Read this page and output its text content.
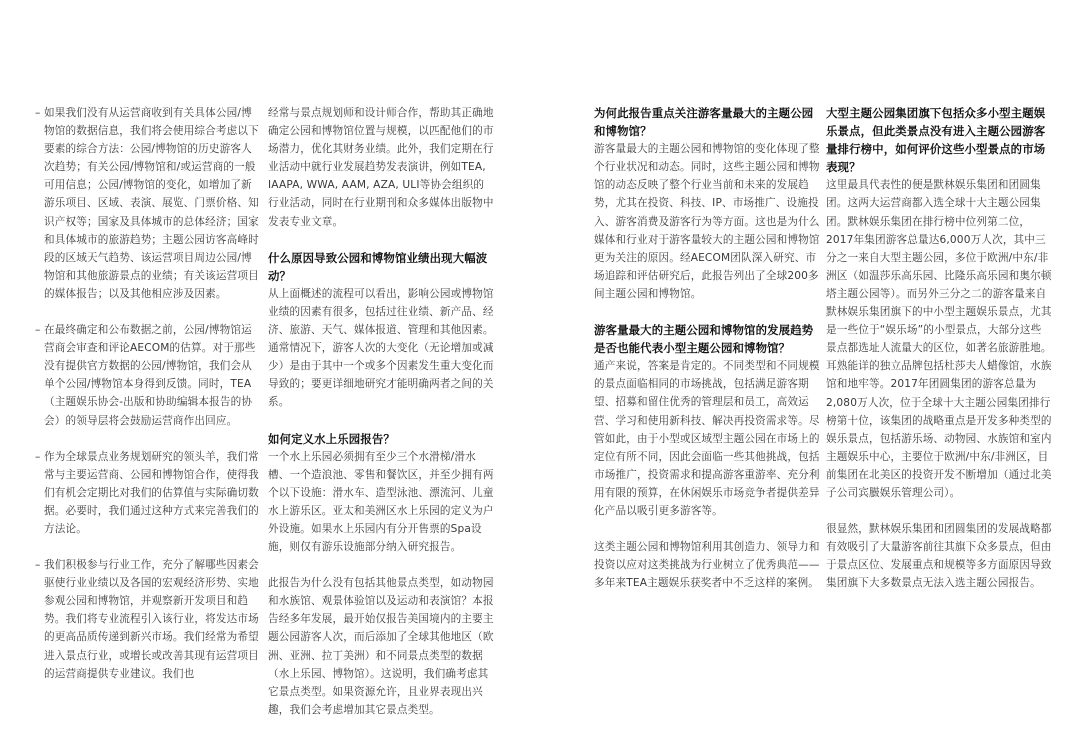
– 如果我们没有从运营商收到有关具体公园/博物馆的数据信息，我们将会使用综合考虑以下要素的综合方法：公园/博物馆的历史游客人次趋势；有关公园/博物馆和/或运营商的一般可用信息；公园/博物馆的变化，如增加了新游乐项目、区域、表演、展览、门票价格、知识产权等；国家及具体城市的总体经济；国家和具体城市的旅游趋势；主题公园访客高峰时段的区域天气趋势、该运营项目周边公园/博物馆和其他旅游景点的业绩；有关该运营项目的媒体报告；以及其他相应涉及因素。
– 在最终确定和公布数据之前，公园/博物馆运营商会审查和评论AECOM的估算。对于那些没有提供官方数据的公园/博物馆，我们会从单个公园/博物馆本身得到反馈。同时，TEA（主题娱乐协会-出版和协助编辑本报告的协会）的领导层将会鼓励运营商作出回应。
– 作为全球景点业务规划研究的领头羊，我们常常与主要运营商、公园和博物馆合作，使得我们有机会定期比对我们的估算值与实际确切数据。必要时，我们通过这种方式来完善我们的方法论。
– 我们积极参与行业工作，充分了解哪些因素会驱使行业业绩以及各国的宏观经济形势、实地参观公园和博物馆，并观察新开发项目和趋势。我们将专业流程引入该行业，将发达市场的更高品质传递到新兴市场。我们经常为希望进入景点行业，或增长或改善其现有运营项目的运营商提供专业建议。我们也

经常与景点规划师和设计师合作，帮助其正确地确定公园和博物馆位置与规模，以匹配他们的市场潜力，优化其财务业绩。此外，我们定期在行业活动中就行业发展趋势发表演讲，例如TEA, IAAPA, WWA, AAM, AZA, ULI等协会组织的行业活动，同时在行业期刊和众多媒体出版物中发表专业文章。

什么原因导致公园和博物馆业绩出现大幅波动？

从上面概述的流程可以看出，影响公园或博物馆业绩的因素有很多，包括过往业绩、新产品、经济、旅游、天气、媒体报道、管理和其他因素。通常情况下，游客人次的大变化（无论增加或减少）是由于其中一个或多个因素发生重大变化而导致的；要更详细地研究才能明确两者之间的关系。

如何定义水上乐园报告？

一个水上乐园必须拥有至少三个水滑梯/滑水槽、一个造浪池、零售和餐饮区，并至少拥有两个以下设施：滑水车、造型泳池、漂流河、儿童水上游乐区。亚太和美洲区水上乐园的定义为户外设施。如果水上乐园内有分开售票的Spa设施，则仅有游乐设施部分纳入研究报告。

此报告为什么没有包括其他景点类型，如动物园和水族馆、观景体验馆以及运动和表演馆？本报告经多年发展，最开始仅报告美国境内的主要主题公园游客人次，而后添加了全球其他地区（欧洲、亚洲、拉丁美洲）和不同景点类型的数据（水上乐园、博物馆）。这说明，我们确考虑其它景点类型。如果资源允许，且业界表现出兴趣，我们会考虑增加其它景点类型。

为何此报告重点关注游客量最大的主题公园和博物馆？

游客量最大的主题公园和博物馆的变化体现了整个行业状况和动态。同时，这些主题公园和博物馆的动态反映了整个行业当前和未来的发展趋势，尤其在投资、科技、IP、市场推广、设施投入、游客消费及游客行为等方面。这也是为什么媒体和行业对于游客量较大的主题公园和博物馆更为关注的原因。经AECOM团队深入研究、市场追踪和评估研究后，此报告列出了全球200多间主题公园和博物馆。

游客量最大的主题公园和博物馆的发展趋势是否也能代表小型主题公园和博物馆？

通产来说，答案是肯定的。不同类型和不同规模的景点面临相同的市场挑战，包括满足游客期望、招募和留住优秀的管理层和员工，高效运营、学习和使用新科技、解决再投资需求等。尽管如此，由于小型或区域型主题公园在市场上的定位有所不同，因此会面临一些其他挑战，包括市场推广，投资需求和提高游客重游率、充分利用有限的预算，在休闲娱乐市场竞争者提供差异化产品以吸引更多游客等。

这类主题公园和博物馆利用其创造力、领导力和投资以应对这类挑战为行业树立了优秀典范——多年来TEA主题娱乐获奖者中不乏这样的案例。

大型主题公园集团旗下包括众多小型主题娱乐景点，但此类景点没有进入主题公园游客量排行榜中，如何评价这些小型景点的市场表现？

这里最具代表性的便是默林娱乐集团和团圆集团。这两大运营商都入选全球十大主题公园集团。默林娱乐集团在排行榜中位列第二位，2017年集团游客总量达6,000万人次，其中三分之一来自大型主题公园，多位于欧洲/中东/非洲区（如温莎乐高乐园、比隆乐高乐园和奥尔顿塔主题公园等）。而另外三分之二的游客量来自默林娱乐集团旗下的中小型主题娱乐景点，尤其是一些位于“娱乐场”的小型景点，大部分这些景点都选址人流量大的区位，如著名旅游胜地。耳熟能详的独立品牌包括杜莎夫人蜡像馆，水族馆和地牢等。2017年团圆集团的游客总量为2,080万人次，位于全球十大主题公园集团排行榜第十位，该集团的战略重点是开发多种类型的娱乐景点，包括游乐场、动物园、水族馆和室内主题娱乐中心，主要位于欧洲/中东/非洲区，目前集团在北美区的投资开发不断增加（通过北美子公司宾臌娱乐管理公司）。

很显然，默林娱乐集团和团圆集团的发展战略都有效吸引了大量游客前往其旗下众多景点，但由于景点区位、发展重点和规模等多方面原因导致集团旗下大多数景点无法入选主题公园报告。
